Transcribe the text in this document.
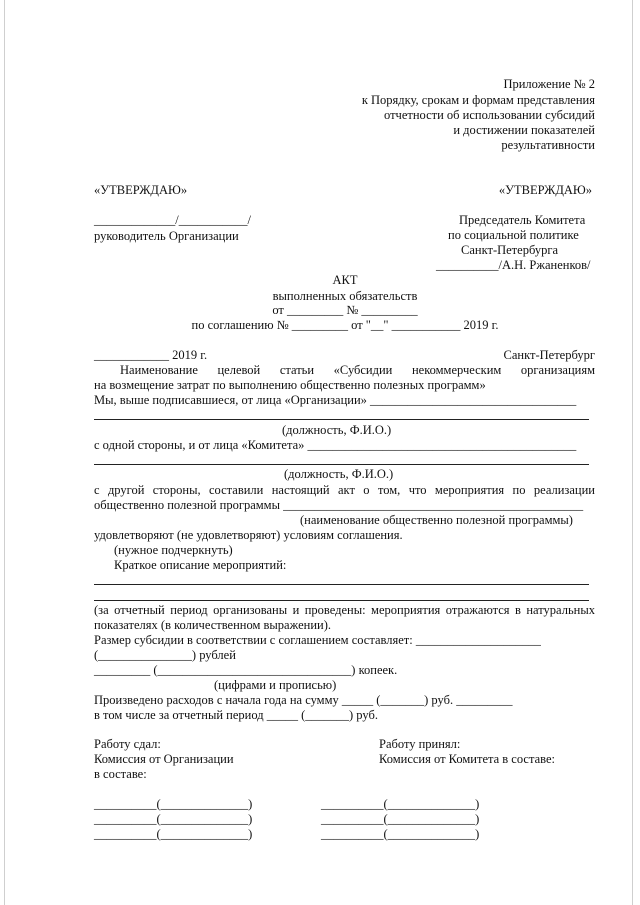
Приложение № 2
к Порядку, срокам и формам представления
отчетности об использовании субсидий
и достижении показателей
результативности
«УТВЕРЖДАЮ»	«УТВЕРЖДАЮ»
_____________/___________/
руководитель Организации
Председатель Комитета
по социальной политике
Санкт-Петербурга
__________/А.Н. Ржаненков/
АКТ
выполненных обязательств
от _________ № _________
по соглашению № _________ от "__" ___________ 2019 г.
____________ 2019 г.	Санкт-Петербург
Наименование целевой статьи «Субсидии некоммерческим организациям
на возмещение затрат по выполнению общественно полезных программ»
Мы, выше подписавшиеся, от лица «Организации» _________________________________
(должность, Ф.И.О.)
с одной стороны, и от лица «Комитета» ___________________________________________
(должность, Ф.И.О.)
с другой стороны, составили настоящий акт о том, что мероприятия по реализации
общественно полезной программы ________________________________________________
(наименование общественно полезной программы)
удовлетворяют (не удовлетворяют) условиям соглашения.
(нужное подчеркнуть)
Краткое описание мероприятий:
(за отчетный период организованы и проведены: мероприятия отражаются в натуральных
показателях (в количественном выражении).
Размер субсидии в соответствии с соглашением составляет: ____________________
(_______________) рублей
_________ (_______________________________) копеек.
(цифрами и прописью)
Произведено расходов с начала года на сумму _____ (_______) руб. _________
в том числе за отчетный период _____ (_______) руб.
Работу сдал:
Комиссия от Организации
в составе:
Работу принял:
Комиссия от Комитета в составе:
__________(______________)
__________(______________)
__________(______________)
__________(______________)
__________(______________)
__________(______________)
